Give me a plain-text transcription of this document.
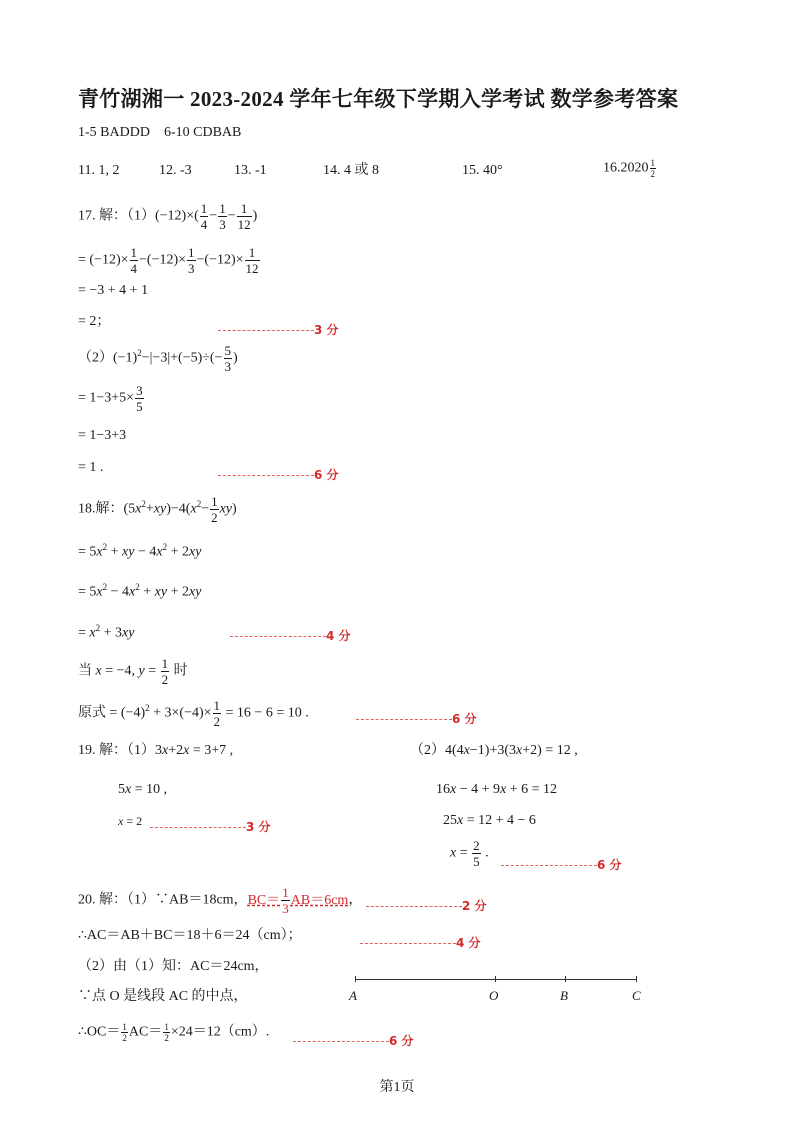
青竹湖湘一 2023-2024 学年七年级下学期入学考试 数学参考答案
1-5 BADDD 6-10 CDBAB
11. 1, 2	12. -3	13. -1	14. 4 或 8	15. 40°	$16.2020 \frac{1}{2}$
17. 解：$(1)(-12)\times( \frac{1}{4} - \frac{1}{3} - \frac{1}{12}$ )
= $(-12)\times \frac{1}{4} -(-12)\times \frac{1}{3} -(-12)\times \frac{1}{12}$
= −3 + 4 + 1
= 2；
3 分
$(2)(-1)^2-|-3|+(-5)\div(- \frac{5}{3}$ )
= $1-3+5\times \frac{3}{5}$
= 1−3+3
= 1 .	6 分
18.解：$(5x^2+xy)-4(x^2- \frac{1}{2} xy)$
= $5x^2$ + xy − $4x^2 + 2xy$
= $5x^2 - 4x^2$ + xy + 2xy
= $x^2 + 3xy$	4 分
当 x = −4, $y = \frac{1}{2}$ 时
原式 = $(-4)^2 + 3\times(-4)\times \frac{1}{2} = 16 - 6 = 10$ .	6 分
19. 解：（1）3x+2x = 3+7 ,
5x = 10 ,
x = 2	3 分
（2）4(4x−1)+3(3x+2) = 12 ,
16x − 4 + 9x + 6 = 12
25x = 12 + 4 − 6
$x = \frac{2}{5}$ .
6 分
20. 解：（1）∵AB＝18cm，$BC= \frac{1}{3} AB=6cm$，	2 分
∴AC＝AB＋BC＝18＋6＝24（cm）；	4 分
（2）由（1）知：AC＝24cm，
∵点 O 是线段 AC 的中点，
∴OC＝ $\frac{1}{2} AC= \frac{1}{2} \times 24=12(cm)$.
6 分
A	O	B	C
第1页
